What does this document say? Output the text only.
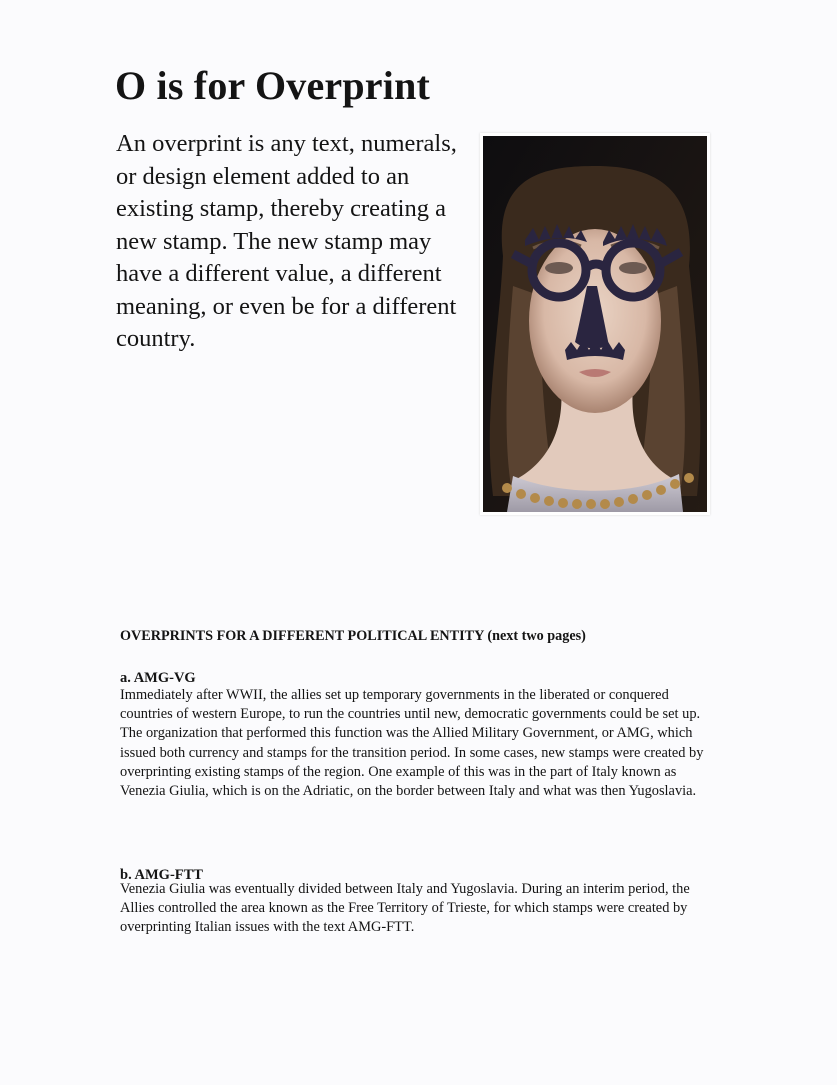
O is for Overprint

An overprint is any text, numerals, or design element added to an existing stamp, thereby creating a new stamp. The new stamp may have a different value, a different meaning, or even be for a different country.

OVERPRINTS FOR A DIFFERENT POLITICAL ENTITY (next two pages)
a. AMG-VG

Immediately after WWII, the allies set up temporary governments in the liberated or conquered countries of western Europe, to run the countries until new, democratic governments could be set up. The organization that performed this function was the Allied Military Government, or AMG, which issued both currency and stamps for the transition period. In some cases, new stamps were created by overprinting existing stamps of the region. One example of this was in the part of Italy known as Venezia Giulia, which is on the Adriatic, on the border between Italy and what was then Yugoslavia.

b. AMG-FTT

Venezia Giulia was eventually divided between Italy and Yugoslavia. During an interim period, the Allies controlled the area known as the Free Territory of Trieste, for which stamps were created by overprinting Italian issues with the text AMG-FTT.
